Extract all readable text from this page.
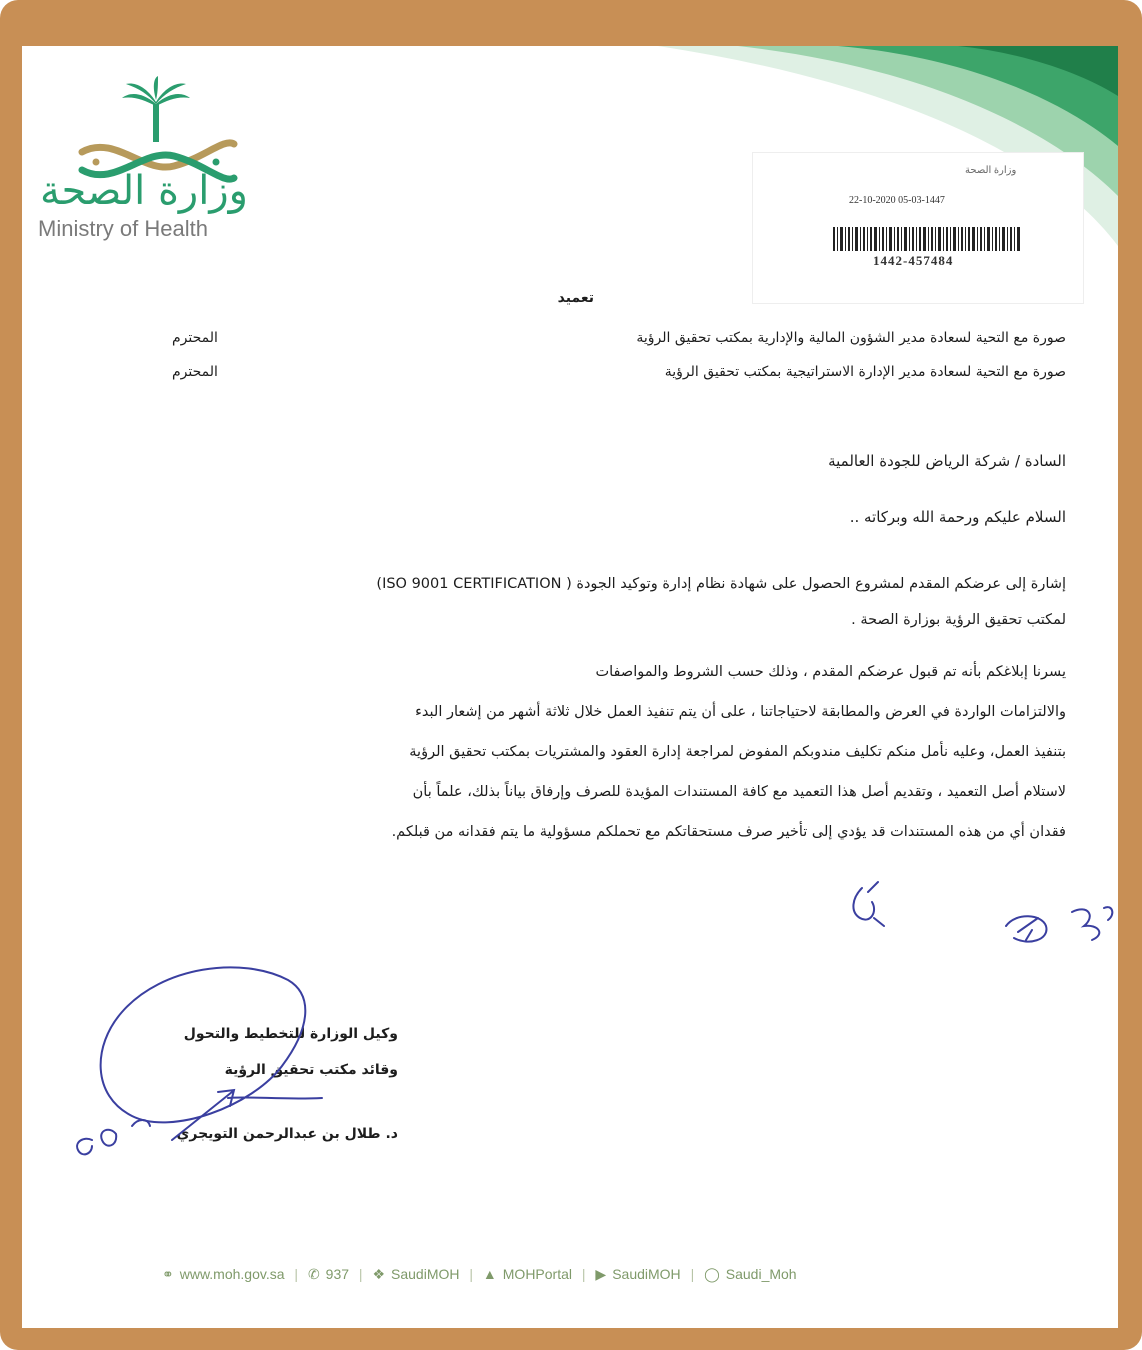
وزارة الصحة
Ministry of Health
وزارة الصحة
22-10-2020 05-03-1447
1442-457484
تعميد
صورة مع التحية لسعادة مدير الشؤون المالية والإدارية بمكتب تحقيق الرؤية
المحترم
صورة مع التحية لسعادة مدير الإدارة الاستراتيجية بمكتب تحقيق الرؤية
المحترم
السادة / شركة الرياض للجودة العالمية
السلام عليكم ورحمة الله وبركاته ..
إشارة إلى عرضكم المقدم لمشروع الحصول على شهادة نظام إدارة وتوكيد الجودة ( ISO 9001 CERTIFICATION)
لمكتب تحقيق الرؤية بوزارة الصحة .
يسرنا إبلاغكم بأنه تم قبول عرضكم المقدم ، وذلك حسب الشروط والمواصفات
والالتزامات الواردة في العرض والمطابقة لاحتياجاتنا ، على أن يتم تنفيذ العمل خلال ثلاثة أشهر من إشعار البدء
بتنفيذ العمل، وعليه نأمل منكم تكليف مندوبكم المفوض لمراجعة إدارة العقود والمشتريات بمكتب تحقيق الرؤية
لاستلام أصل التعميد ، وتقديم أصل هذا التعميد مع كافة المستندات المؤيدة للصرف وإرفاق بياناً بذلك، علماً بأن
فقدان أي من هذه المستندات قد يؤدي إلى تأخير صرف مستحقاتكم مع تحملكم مسؤولية ما يتم فقدانه من قبلكم.
وكيل الوزارة للتخطيط والتحول
وقائد مكتب تحقيق الرؤية
د. طلال بن عبدالرحمن التويجري
⚭ www.moh.gov.sa | ✆ 937 | ❖ SaudiMOH | ▲ MOHPortal | ▶ SaudiMOH | ◯ Saudi_Moh
